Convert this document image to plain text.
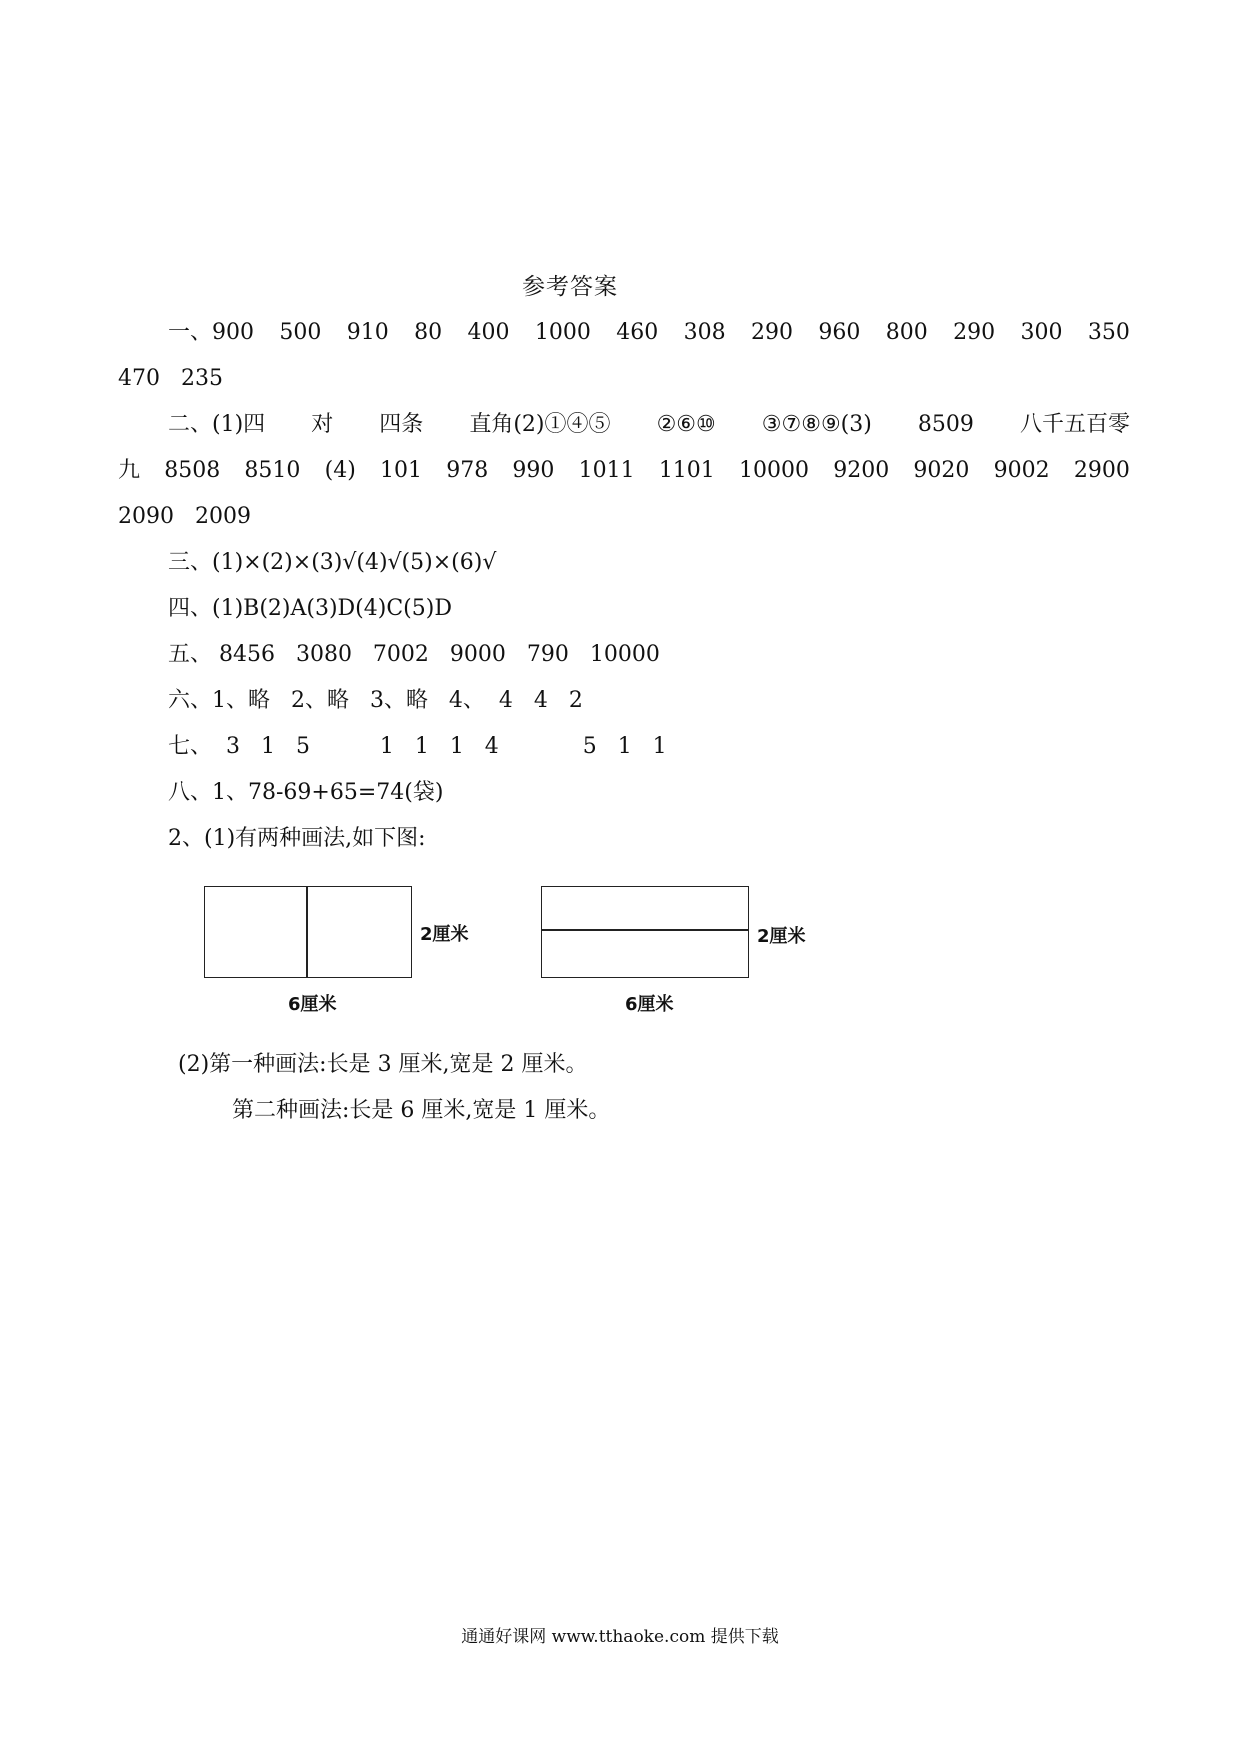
参考答案
一、900 500 910 80 400 1000 460 308 290 960 800 290 300 350
470   235
二、(1)四 对 四条 直角(2)①④⑤ ②⑥⑩ ③⑦⑧⑨(3) 8509 八千五百零
九 8508 8510 (4) 101 978 990 1011 1101 10000 9200 9020 9002 2900
2090   2009
三、(1)×(2)×(3)√(4)√(5)×(6)√
四、(1)B(2)A(3)D(4)C(5)D
五、 8456   3080   7002   9000   790   10000
六、1、略   2、略   3、略   4、  4   4   2
七、  3   1   5          1   1   1   4            5   1   1
八、1、78-69+65=74(袋)
2、(1)有两种画法,如下图:
2厘米
6厘米
2厘米
6厘米
(2)第一种画法:长是 3 厘米,宽是 2 厘米。
第二种画法:长是 6 厘米,宽是 1 厘米。
通通好课网 www.tthaoke.com 提供下载
